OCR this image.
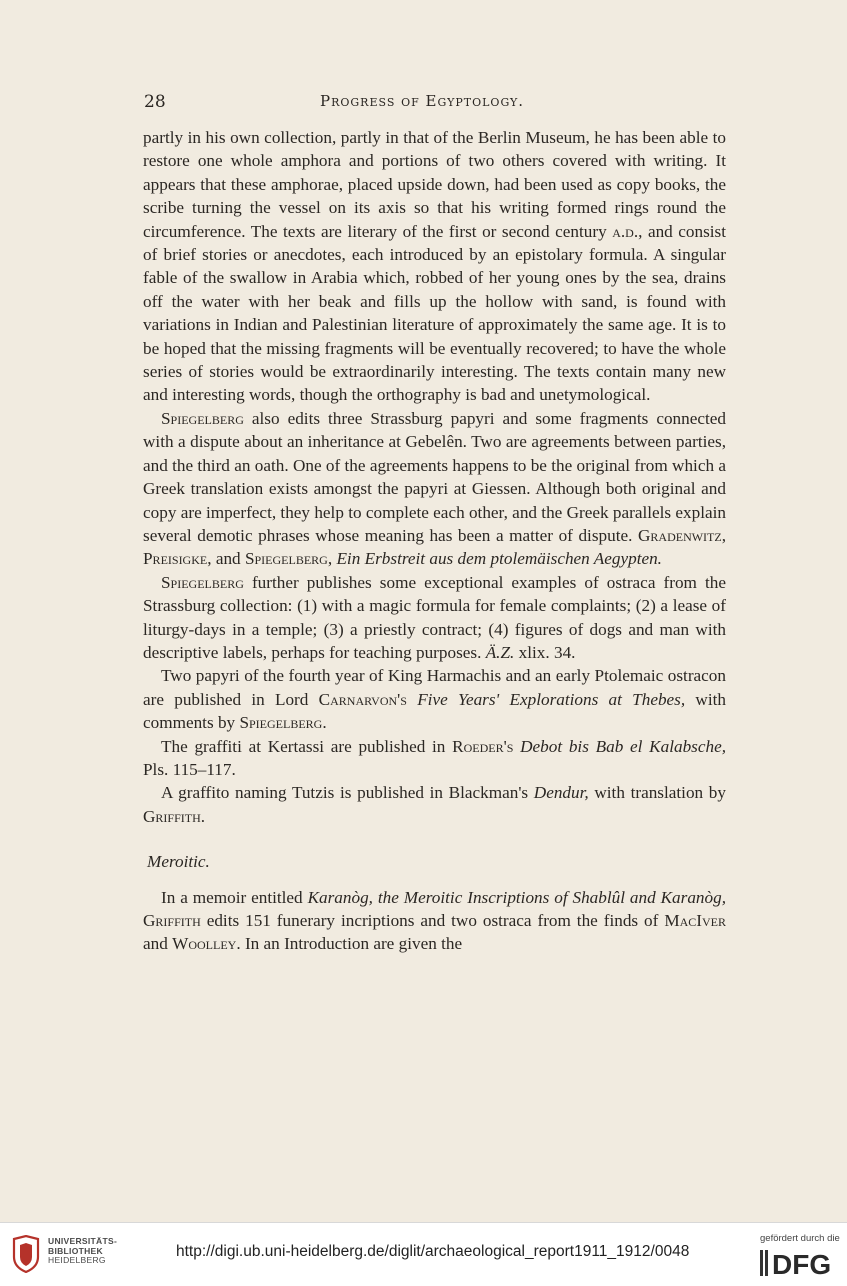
28	Progress of Egyptology.

partly in his own collection, partly in that of the Berlin Museum, he has been able to restore one whole amphora and portions of two others covered with writing. It appears that these amphorae, placed upside down, had been used as copy books, the scribe turning the vessel on its axis so that his writing formed rings round the circumference. The texts are literary of the first or second century a.d., and consist of brief stories or anecdotes, each introduced by an epistolary formula. A singular fable of the swallow in Arabia which, robbed of her young ones by the sea, drains off the water with her beak and fills up the hollow with sand, is found with variations in Indian and Palestinian literature of approximately the same age. It is to be hoped that the missing fragments will be eventually recovered; to have the whole series of stories would be extraordinarily interesting. The texts contain many new and interesting words, though the orthography is bad and unetymological.

Spiegelberg also edits three Strassburg papyri and some fragments connected with a dispute about an inheritance at Gebelên. Two are agreements between parties, and the third an oath. One of the agreements happens to be the original from which a Greek translation exists amongst the papyri at Giessen. Although both original and copy are imperfect, they help to complete each other, and the Greek parallels explain several demotic phrases whose meaning has been a matter of dispute. Gradenwitz, Preisigke, and Spiegelberg, Ein Erbstreit aus dem ptolemäischen Aegypten.

Spiegelberg further publishes some exceptional examples of ostraca from the Strassburg collection: (1) with a magic formula for female complaints; (2) a lease of liturgy-days in a temple; (3) a priestly contract; (4) figures of dogs and man with descriptive labels, perhaps for teaching purposes. Ä.Z. xlix. 34.

Two papyri of the fourth year of King Harmachis and an early Ptolemaic ostracon are published in Lord Carnarvon's Five Years' Explorations at Thebes, with comments by Spiegelberg.

The graffiti at Kertassi are published in Roeder's Debot bis Bab el Kalabsche, Pls. 115–117.

A graffito naming Tutzis is published in Blackman's Dendur, with translation by Griffith.

Meroitic.

In a memoir entitled Karanòg, the Meroitic Inscriptions of Shablûl and Karanòg, Griffith edits 151 funerary incriptions and two ostraca from the finds of MacIver and Woolley. In an Introduction are given the

UNIVERSITÄTS-
BIBLIOTHEK
HEIDELBERG	http://digi.ub.uni-heidelberg.de/diglit/archaeological_report1911_1912/0048
gefördert durch die
DFG
